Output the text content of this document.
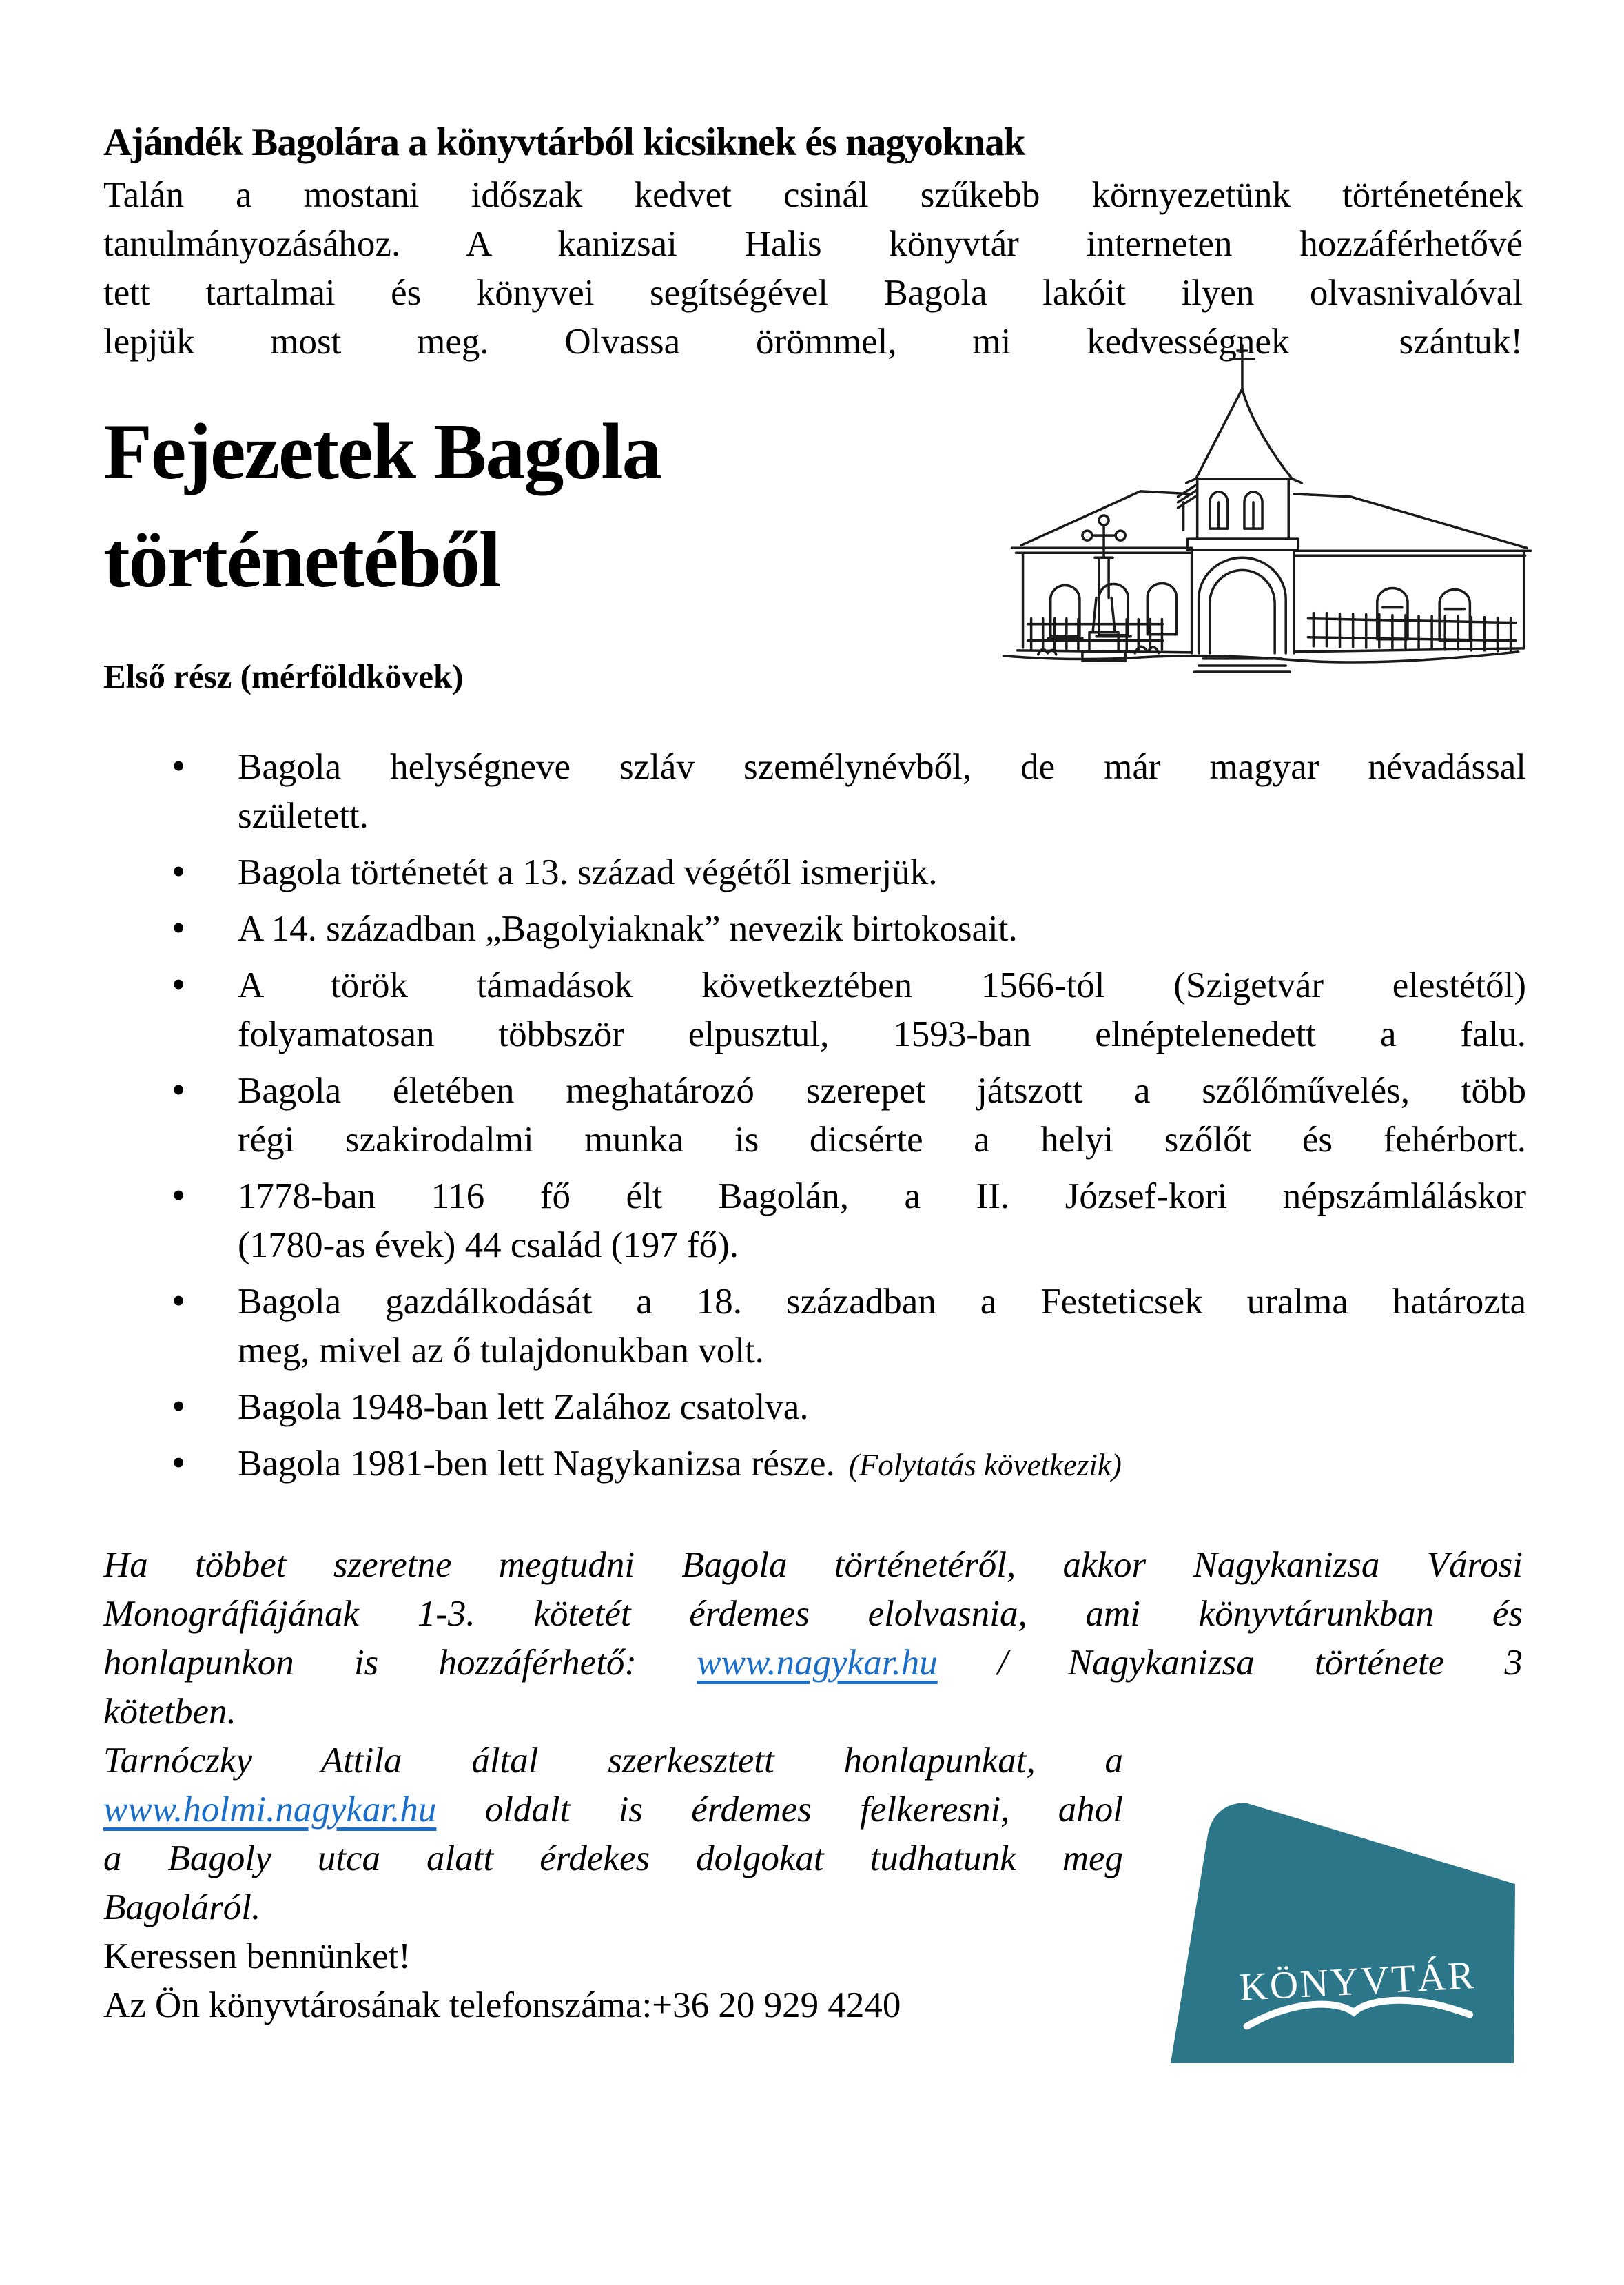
Ajándék Bagolára a könyvtárból kicsiknek és nagyoknak

Talán a mostani időszak kedvet csinál szűkebb környezetünk történetének
tanulmányozásához. A kanizsai Halis könyvtár interneten hozzáférhetővé
tett tartalmai és könyvei segítségével Bagola lakóit ilyen olvasnivalóval
lepjük most meg. Olvassa örömmel, mi kedvességnek   szántuk!

Fejezetek Bagola történetéből
Első rész (mérföldkövek)
• Bagola helységneve szláv személynévből, de már magyar névadással
született.
• Bagola történetét a 13. század végétől ismerjük.
• A 14. században „Bagolyiaknak” nevezik birtokosait.
• A török támadások következtében 1566-tól (Szigetvár elestétől)
folyamatosan többször elpusztul, 1593-ban elnéptelenedett a falu.
• Bagola életében meghatározó szerepet játszott a szőlőművelés, több
régi szakirodalmi munka is dicsérte a helyi szőlőt és fehérbort.
• 1778-ban 116 fő élt Bagolán, a II. József-kori népszámláláskor
(1780-as évek) 44 család (197 fő).
• Bagola gazdálkodását a 18. században a Festeticsek uralma határozta
meg, mivel az ő tulajdonukban volt.
• Bagola 1948-ban lett Zalához csatolva.
• Bagola 1981-ben lett Nagykanizsa része. (Folytatás következik)

Ha többet szeretne megtudni Bagola történetéről, akkor Nagykanizsa Városi
Monográfiájának 1-3. kötetét érdemes elolvasnia, ami könyvtárunkban és
honlapunkon is hozzáférhető: www.nagykar.hu / Nagykanizsa története 3
kötetben.

KÖNYVTÁR

Tarnóczky Attila által szerkesztett honlapunkat, a
www.holmi.nagykar.hu oldalt is érdemes felkeresni, ahol
a Bagoly utca alatt érdekes dolgokat tudhatunk meg
Bagoláról.

Keressen bennünket!

Az Ön könyvtárosának telefonszáma:+36 20 929 4240
